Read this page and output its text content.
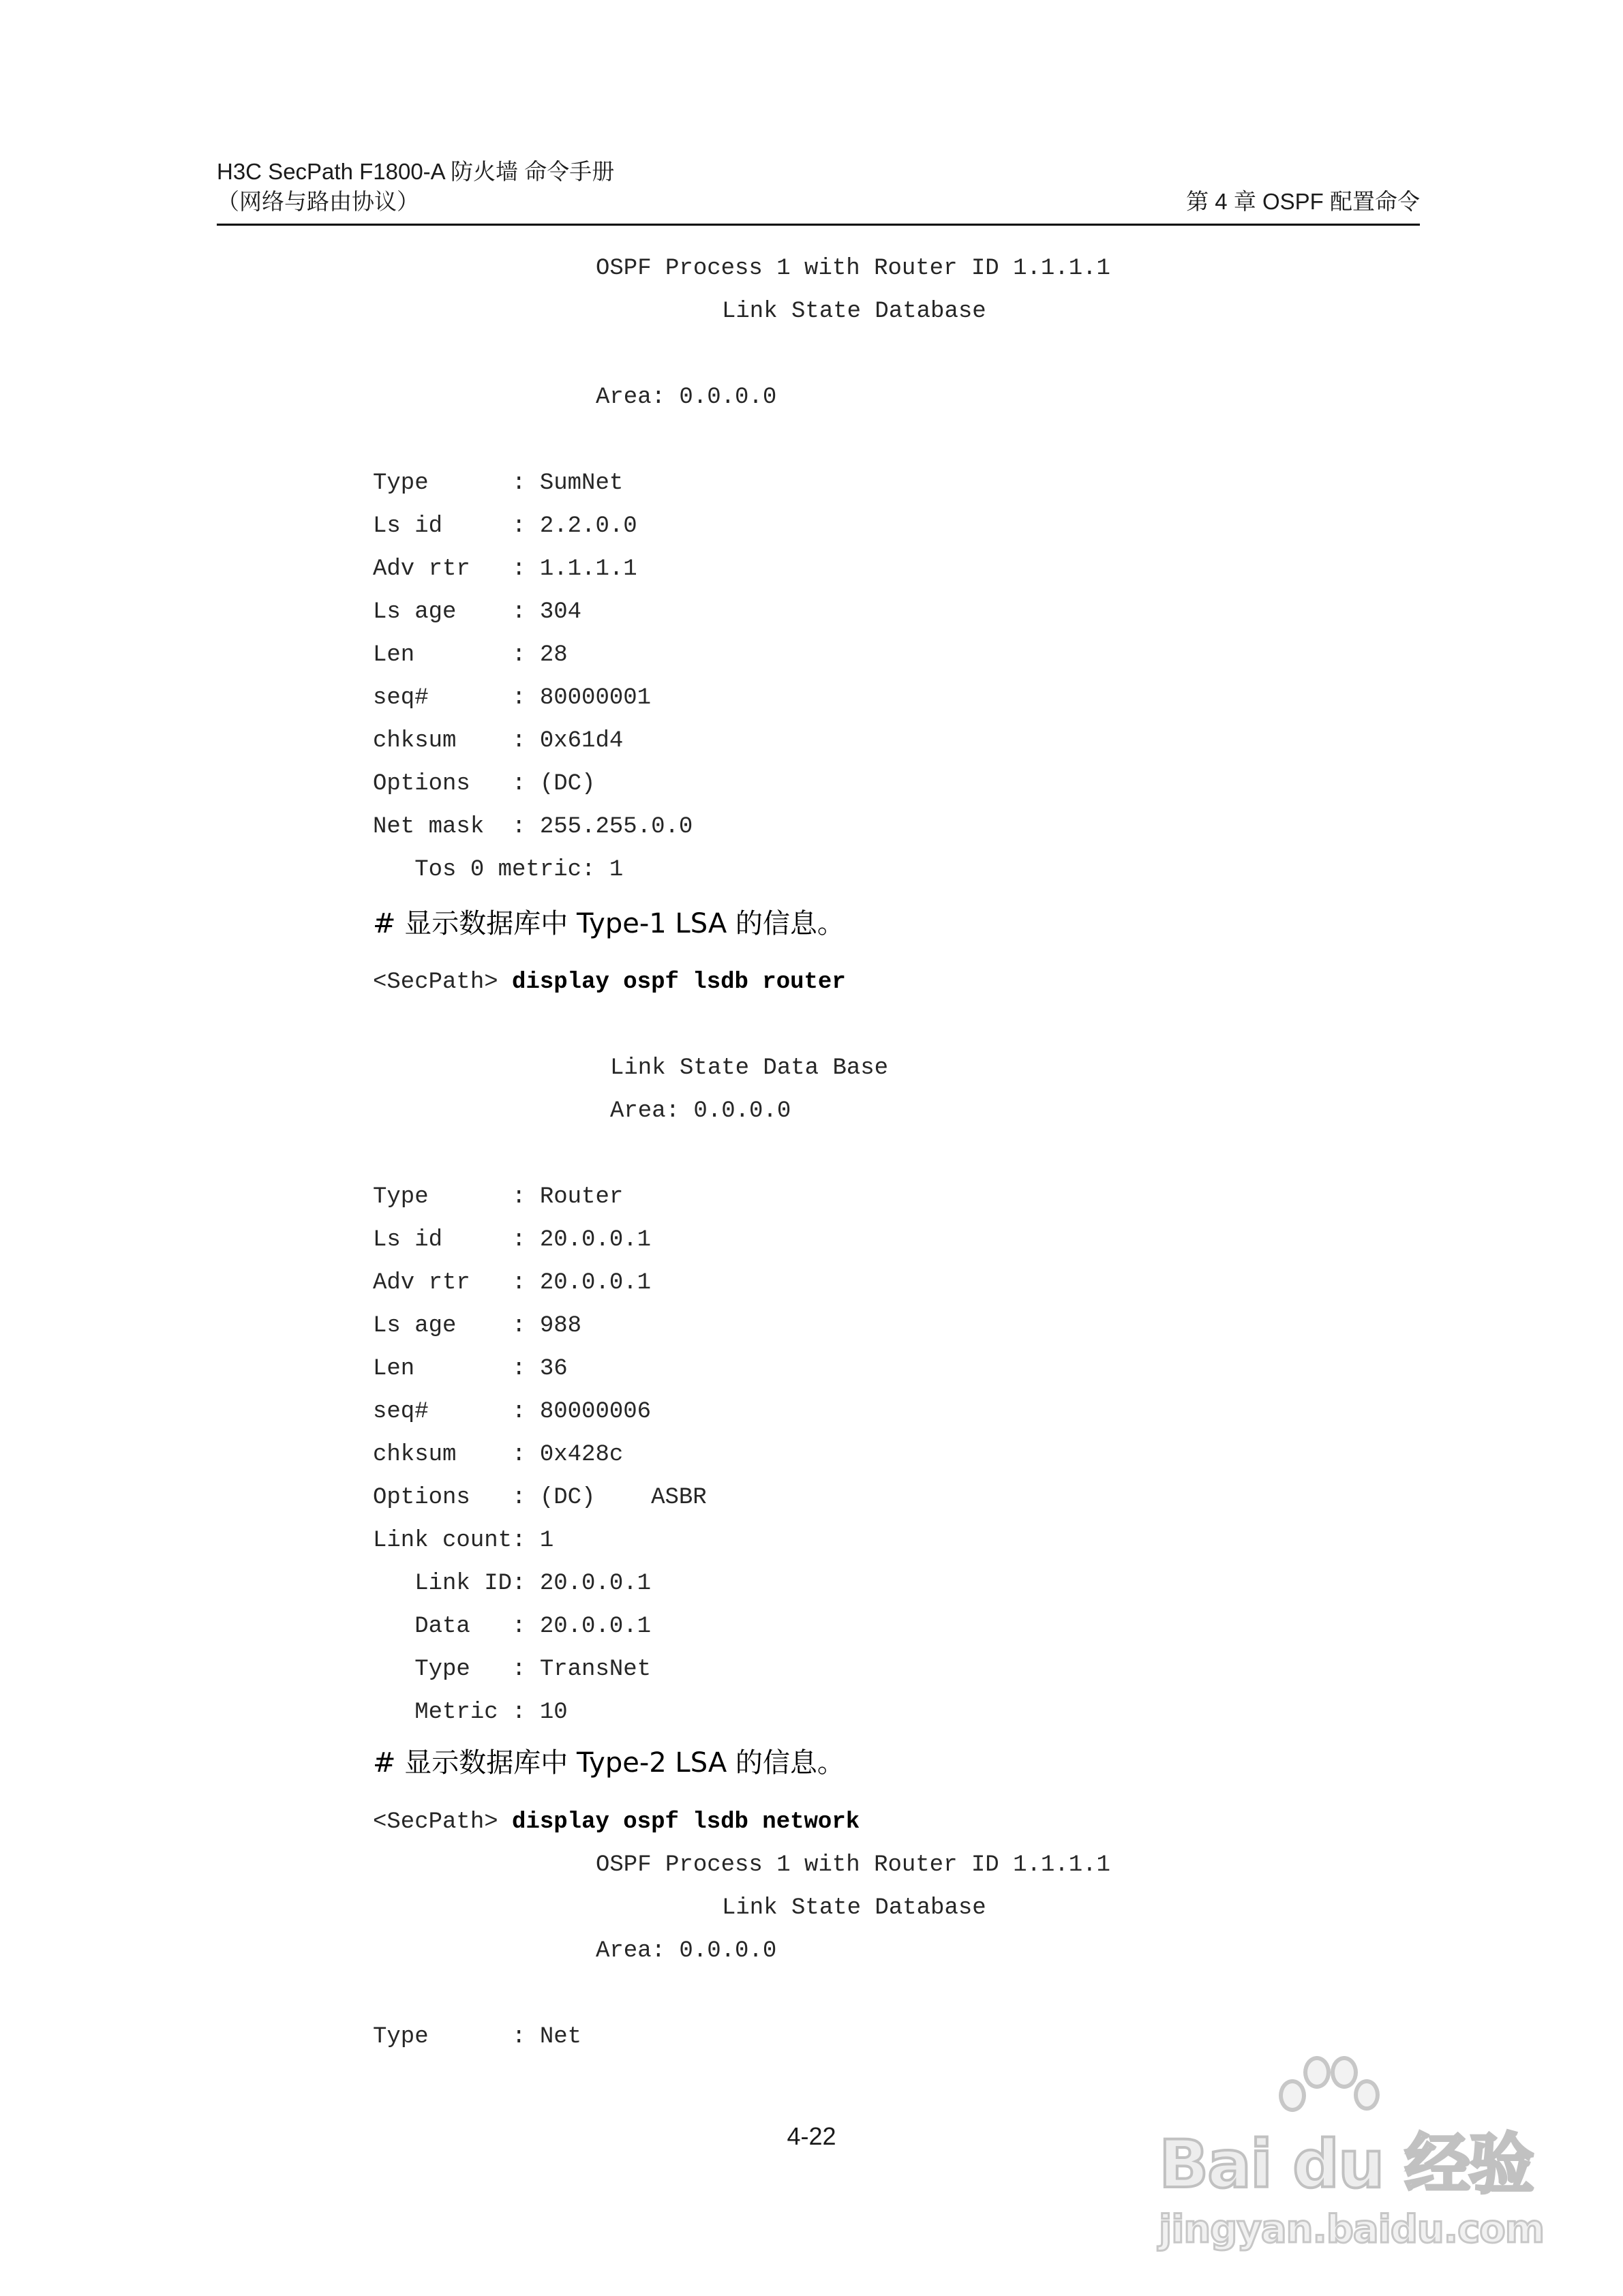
H3C SecPath F1800-A 防火墙 命令手册
（网络与路由协议）	第 4 章 OSPF 配置命令
OSPF Process 1 with Router ID 1.1.1.1
Link State Database
Area: 0.0.0.0
Type      : SumNet
Ls id     : 2.2.0.0
Adv rtr   : 1.1.1.1
Ls age    : 304
Len       : 28
seq#      : 80000001
chksum    : 0x61d4
Options   : (DC)
Net mask  : 255.255.0.0
Tos 0 metric: 1
# 显示数据库中 Type-1 LSA 的信息。
<SecPath> display ospf lsdb router
Link State Data Base
Area: 0.0.0.0
Type      : Router
Ls id     : 20.0.0.1
Adv rtr   : 20.0.0.1
Ls age    : 988
Len       : 36
seq#      : 80000006
chksum    : 0x428c
Options   : (DC)    ASBR
Link count: 1
Link ID: 20.0.0.1
Data   : 20.0.0.1
Type   : TransNet
Metric : 10
# 显示数据库中 Type-2 LSA 的信息。
<SecPath> display ospf lsdb network
OSPF Process 1 with Router ID 1.1.1.1
Link State Database
Area: 0.0.0.0
Type      : Net
4-22	Bai du 经验
jingyan.baidu.com
